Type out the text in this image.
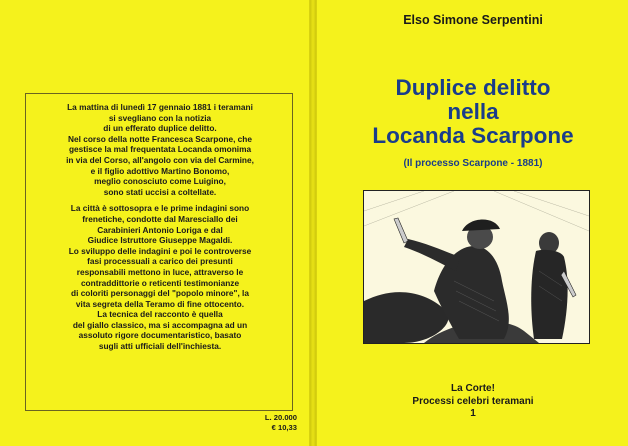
La mattina di lunedì 17 gennaio 1881 i teramani

si svegliano con la notizia

di un efferato duplice delitto.

Nel corso della notte Francesca Scarpone, che

gestisce la mal frequentata Locanda omonima

in via del Corso, all'angolo con via del Carmine,

e il figlio adottivo Martino Bonomo,

meglio conosciuto come Luigino,

sono stati uccisi a coltellate.

La città è sottosopra e le prime indagini sono

frenetiche, condotte dal Maresciallo dei

Carabinieri Antonio Loriga e dal

Giudice Istruttore Giuseppe Magaldi.

Lo sviluppo delle indagini e poi le controverse

fasi processuali a carico dei presunti

responsabili mettono in luce, attraverso le

contraddittorie o reticenti testimonianze

di coloriti personaggi del "popolo minore", la

vita segreta della Teramo di fine ottocento.

La tecnica del racconto è quella

del giallo classico, ma si accompagna ad un

assoluto rigore documentaristico, basato

sugli atti ufficiali dell'inchiesta.

L. 20.000
€ 10,33
Elso Simone Serpentini
Duplice delitto
nella
Locanda Scarpone
(Il processo Scarpone - 1881)
La Corte!
Processi celebri teramani
1
